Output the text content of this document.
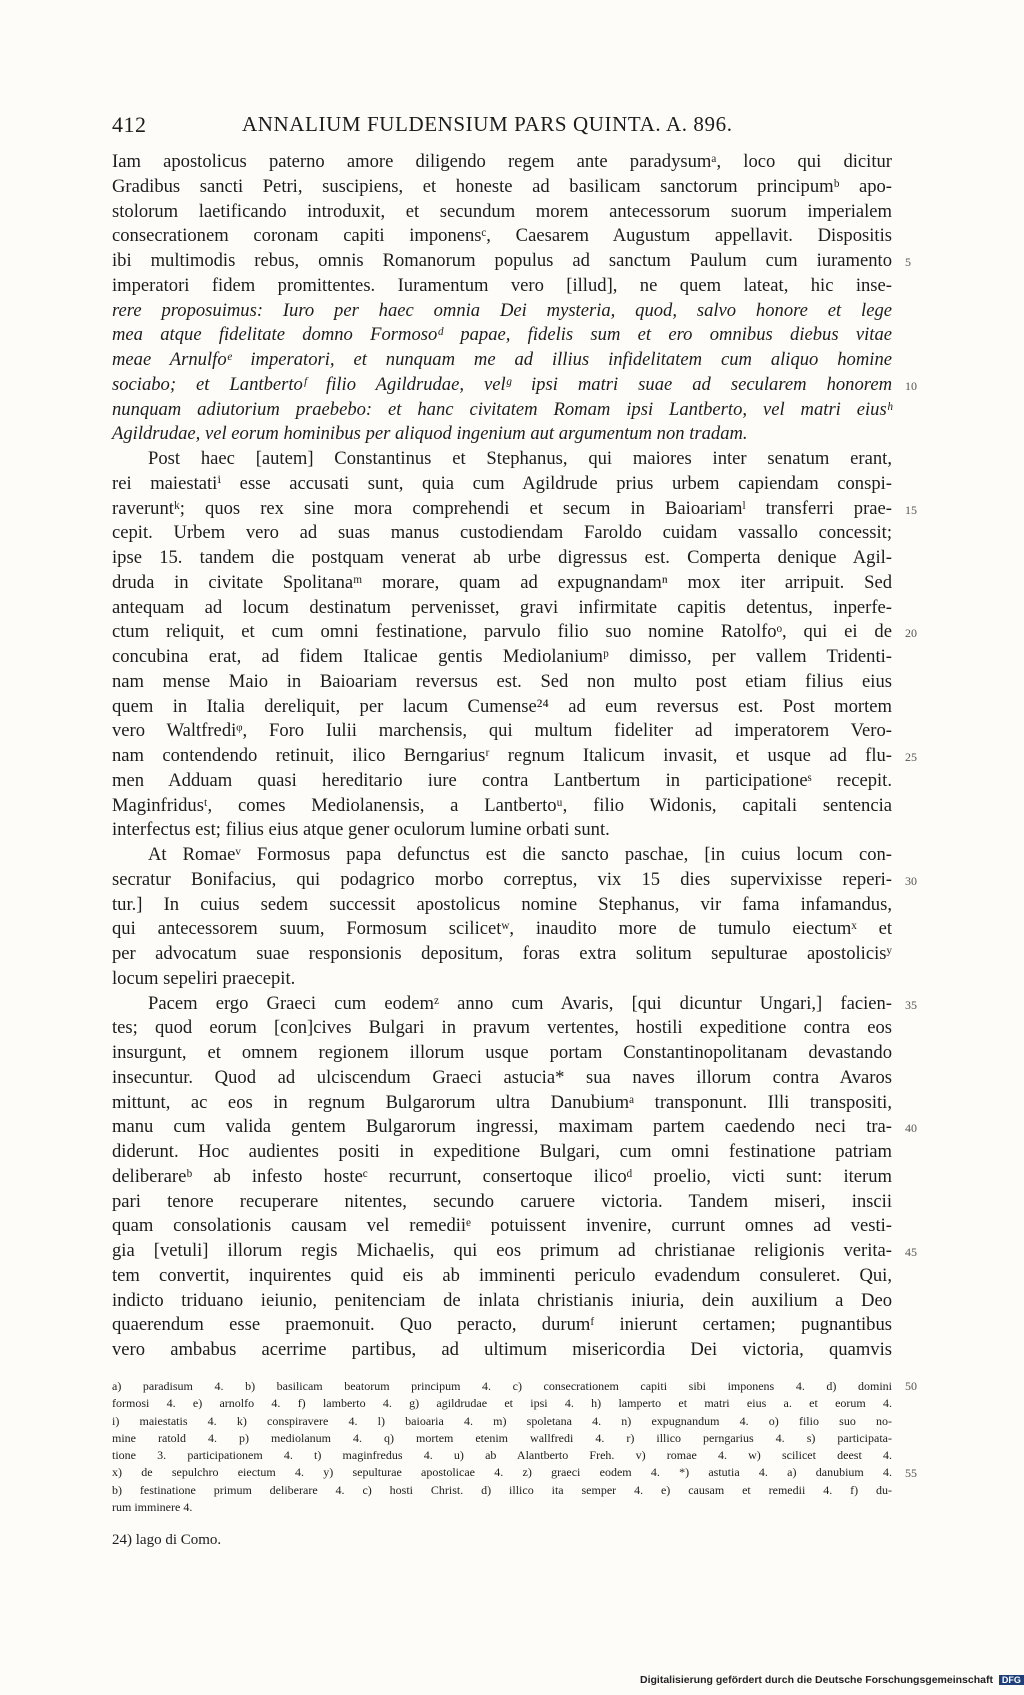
412	ANNALIUM FULDENSIUM PARS QUINTA. A. 896.
Iam apostolicus paterno amore diligendo regem ante paradysumᵃ, loco qui dicitur
Gradibus sancti Petri, suscipiens, et honeste ad basilicam sanctorum principumᵇ apo-
stolorum laetificando introduxit, et secundum morem antecessorum suorum imperialem
consecrationem coronam capiti imponensᶜ, Caesarem Augustum appellavit. Dispositis
ibi multimodis rebus, omnis Romanorum populus ad sanctum Paulum cum iuramento
imperatori fidem promittentes. Iuramentum vero [illud], ne quem lateat, hic inse-
rere proposuimus: Iuro per haec omnia Dei mysteria, quod, salvo honore et lege
mea atque fidelitate domno Formosoᵈ papae, fidelis sum et ero omnibus diebus vitae
meae Arnulfoᵉ imperatori, et nunquam me ad illius infidelitatem cum aliquo homine
sociabo; et Lantbertoᶠ filio Agildrudae, velᵍ ipsi matri suae ad secularem honorem
nunquam adiutorium praebebo: et hanc civitatem Romam ipsi Lantberto, vel matri eiusʰ
Agildrudae, vel eorum hominibus per aliquod ingenium aut argumentum non tradam.
Post haec [autem] Constantinus et Stephanus, qui maiores inter senatum erant,
rei maiestatiⁱ esse accusati sunt, quia cum Agildrude prius urbem capiendam conspi-
raveruntᵏ; quos rex sine mora comprehendi et secum in Baioariamˡ transferri prae-
cepit. Urbem vero ad suas manus custodiendam Faroldo cuidam vassallo concessit;
ipse 15. tandem die postquam venerat ab urbe digressus est. Comperta denique Agil-
druda in civitate Spolitanaᵐ morare, quam ad expugnandamⁿ mox iter arripuit. Sed
antequam ad locum destinatum pervenisset, gravi infirmitate capitis detentus, inperfe-
ctum reliquit, et cum omni festinatione, parvulo filio suo nomine Ratolfoᵒ, qui ei de
concubina erat, ad fidem Italicae gentis Mediolaniumᵖ dimisso, per vallem Tridenti-
nam mense Maio in Baioariam reversus est. Sed non multo post etiam filius eius
quem in Italia dereliquit, per lacum Cumense²⁴ ad eum reversus est. Post mortem
vero Waltfrediᵠ, Foro Iulii marchensis, qui multum fideliter ad imperatorem Vero-
nam contendendo retinuit, ilico Berngariusʳ regnum Italicum invasit, et usque ad flu-
men Adduam quasi hereditario iure contra Lantbertum in participationeˢ recepit.
Maginfridusᵗ, comes Mediolanensis, a Lantbertoᵘ, filio Widonis, capitali sentencia
interfectus est; filius eius atque gener oculorum lumine orbati sunt.
At Romaeᵛ Formosus papa defunctus est die sancto paschae, [in cuius locum con-
secratur Bonifacius, qui podagrico morbo correptus, vix 15 dies supervixisse reperi-
tur.] In cuius sedem successit apostolicus nomine Stephanus, vir fama infamandus,
qui antecessorem suum, Formosum scilicetʷ, inaudito more de tumulo eiectumˣ et
per advocatum suae responsionis depositum, foras extra solitum sepulturae apostolicisʸ
locum sepeliri praecepit.
Pacem ergo Graeci cum eodemᶻ anno cum Avaris, [qui dicuntur Ungari,] facien-
tes; quod eorum [con]cives Bulgari in pravum vertentes, hostili expeditione contra eos
insurgunt, et omnem regionem illorum usque portam Constantinopolitanam devastando
insecuntur. Quod ad ulciscendum Graeci astucia* sua naves illorum contra Avaros
mittunt, ac eos in regnum Bulgarorum ultra Danubiumᵃ transponunt. Illi transpositi,
manu cum valida gentem Bulgarorum ingressi, maximam partem caedendo neci tra-
diderunt. Hoc audientes positi in expeditione Bulgari, cum omni festinatione patriam
deliberareᵇ ab infesto hosteᶜ recurrunt, consertoque ilicoᵈ proelio, victi sunt: iterum
pari tenore recuperare nitentes, secundo caruere victoria. Tandem miseri, inscii
quam consolationis causam vel remediiᵉ potuissent invenire, currunt omnes ad vesti-
gia [vetuli] illorum regis Michaelis, qui eos primum ad christianae religionis verita-
tem convertit, inquirentes quid eis ab imminenti periculo evadendum consuleret. Qui,
indicto triduano ieiunio, penitenciam de inlata christianis iniuria, dein auxilium a Deo
quaerendum esse praemonuit. Quo peracto, durumᶠ inierunt certamen; pugnantibus
vero ambabus acerrime partibus, ad ultimum misericordia Dei victoria, quamvis
5
10
15
20
25
30
35
40
45
50
55
a) paradisum 4. b) basilicam beatorum principum 4. c) consecrationem capiti sibi imponens 4. d) domini
formosi 4. e) arnolfo 4. f) lamberto 4. g) agildrudae et ipsi 4. h) lamperto et matri eius a. et eorum 4.
i) maiestatis 4. k) conspiravere 4. l) baioaria 4. m) spoletana 4. n) expugnandum 4. o) filio suo no-
mine ratold 4. p) mediolanum 4. q) mortem etenim wallfredi 4. r) illico perngarius 4. s) participata-
tione 3. participationem 4. t) maginfredus 4. u) ab Alantberto Freh. v) romae 4. w) scilicet deest 4.
x) de sepulchro eiectum 4. y) sepulturae apostolicae 4. z) graeci eodem 4. *) astutia 4. a) danubium 4.
b) festinatione primum deliberare 4. c) hosti Christ. d) illico ita semper 4. e) causam et remedii 4. f) du-
rum imminere 4.
24) lago di Como.
Digitalisierung gefördert durch die Deutsche Forschungsgemeinschaft DFG
